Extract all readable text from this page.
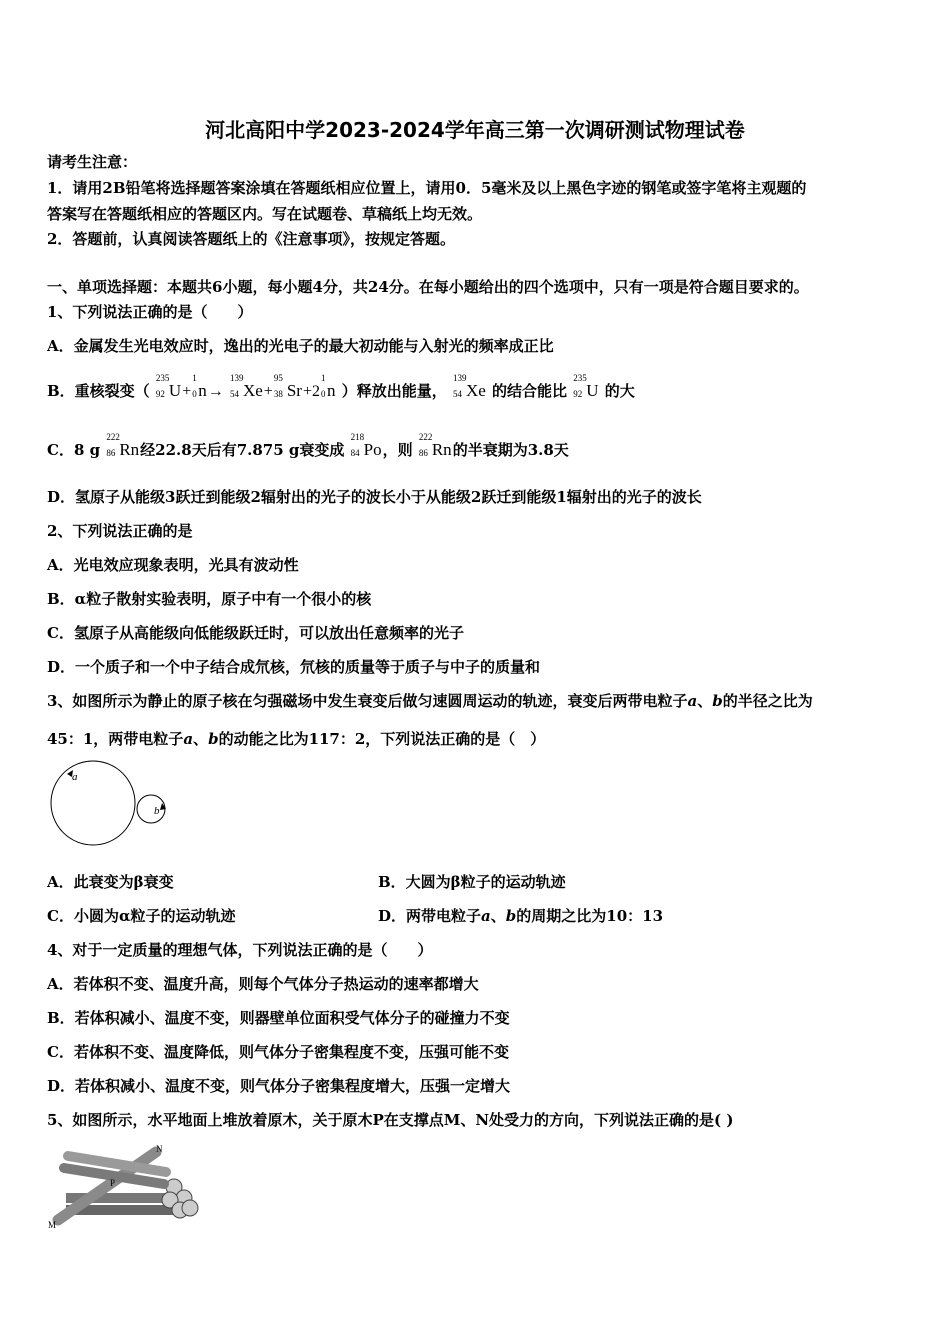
河北高阳中学2023-2024学年高三第一次调研测试物理试卷
请考生注意：
1．请用2B铅笔将选择题答案涂填在答题纸相应位置上，请用0．5毫米及以上黑色字迹的钢笔或签字笔将主观题的
答案写在答题纸相应的答题区内。写在试题卷、草稿纸上均无效。
2．答题前，认真阅读答题纸上的《注意事项》，按规定答题。
一、单项选择题：本题共6小题，每小题4分，共24分。在每小题给出的四个选项中，只有一项是符合题目要求的。
1、下列说法正确的是（　　）
A．金属发生光电效应时，逸出的光电子的最大初动能与入射光的频率成正比
B．重核裂变（
235
92 U+
1
0 n→
139
54 Xe+
95
38 Sr+2
1
0 n ）释放出能量，
139
54 Xe 的结合能比
235
92 U 的大
C．8 g
222
86 Rn经22.8天后有7.875 g衰变成
218
84 Po，则
222
86 Rn的半衰期为3.8天
D．氢原子从能级3跃迁到能级2辐射出的光子的波长小于从能级2跃迁到能级1辐射出的光子的波长
2、下列说法正确的是
A．光电效应现象表明，光具有波动性
B．α粒子散射实验表明，原子中有一个很小的核
C．氢原子从高能级向低能级跃迁时，可以放出任意频率的光子
D．一个质子和一个中子结合成氘核，氘核的质量等于质子与中子的质量和
3、如图所示为静止的原子核在匀强磁场中发生衰变后做匀速圆周运动的轨迹，衰变后两带电粒子a、b的半径之比为
45：1，两带电粒子a、b的动能之比为117：2，下列说法正确的是（　）
a
b
A．此衰变为β衰变	B．大圆为β粒子的运动轨迹
C．小圆为α粒子的运动轨迹	D．两带电粒子a、b的周期之比为10：13
4、对于一定质量的理想气体，下列说法正确的是（　　）
A．若体积不变、温度升高，则每个气体分子热运动的速率都增大
B．若体积减小、温度不变，则器壁单位面积受气体分子的碰撞力不变
C．若体积不变、温度降低，则气体分子密集程度不变，压强可能不变
D．若体积减小、温度不变，则气体分子密集程度增大，压强一定增大
5、如图所示，水平地面上堆放着原木，关于原木P在支撑点M、N处受力的方向，下列说法正确的是( )
M
N
P
